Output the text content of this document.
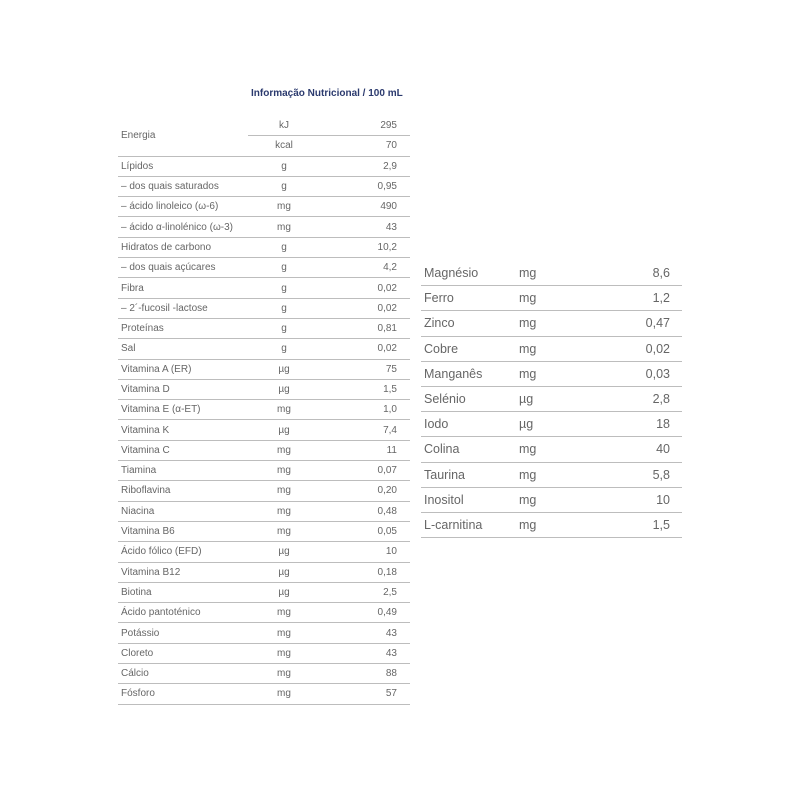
Informação Nutricional / 100 mL
Energia	kJ	295
	kcal	70
Lípidos	g	2,9
– dos quais saturados	g	0,95
– ácido linoleico (ω-6)	mg	490
– ácido α-linolénico (ω-3)	mg	43
Hidratos de carbono	g	10,2
– dos quais açúcares	g	4,2
Fibra	g	0,02
– 2´-fucosil -lactose	g	0,02
Proteínas	g	0,81
Sal	g	0,02
Vitamina A (ER)	µg	75
Vitamina D	µg	1,5
Vitamina E (α-ET)	mg	1,0
Vitamina K	µg	7,4
Vitamina C	mg	11
Tiamina	mg	0,07
Riboflavina	mg	0,20
Niacina	mg	0,48
Vitamina B6	mg	0,05
Ácido fólico (EFD)	µg	10
Vitamina B12	µg	0,18
Biotina	µg	2,5
Ácido pantoténico	mg	0,49
Potássio	mg	43
Cloreto	mg	43
Cálcio	mg	88
Fósforo	mg	57
Magnésio	mg	8,6
Ferro	mg	1,2
Zinco	mg	0,47
Cobre	mg	0,02
Manganês	mg	0,03
Selénio	µg	2,8
Iodo	µg	18
Colina	mg	40
Taurina	mg	5,8
Inositol	mg	10
L-carnitina	mg	1,5
